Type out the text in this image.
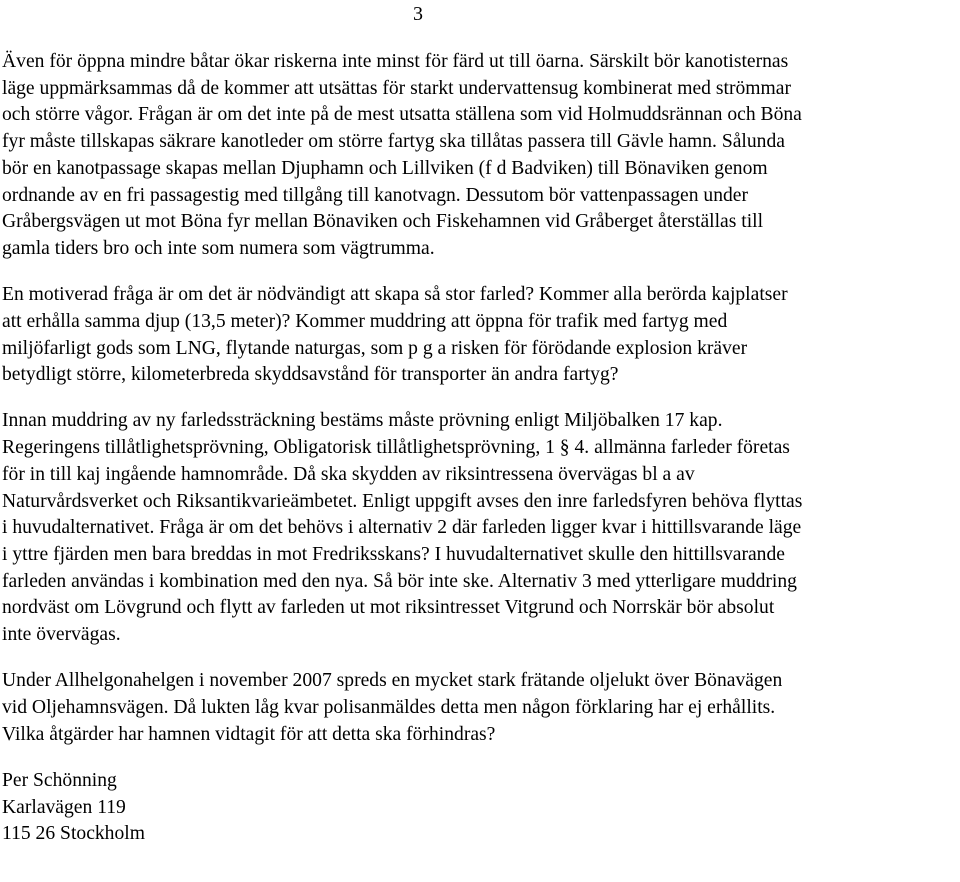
3

Även för öppna mindre båtar ökar riskerna inte minst för färd ut till öarna. Särskilt bör kanotisternas
läge uppmärksammas då de kommer att utsättas för starkt undervattensug kombinerat med strömmar
och större vågor. Frågan är om det inte på de mest utsatta ställena som vid Holmuddsrännan och Böna
fyr måste tillskapas säkrare kanotleder om större fartyg ska tillåtas passera till Gävle hamn. Sålunda
bör en kanotpassage skapas mellan Djuphamn och Lillviken (f d Badviken) till Bönaviken genom
ordnande av en fri passagestig med tillgång till kanotvagn. Dessutom bör vattenpassagen under
Gråbergsvägen ut mot Böna fyr mellan Bönaviken och Fiskehamnen vid Gråberget återställas till
gamla tiders bro och inte som numera som vägtrumma.

En motiverad fråga är om det är nödvändigt att skapa så stor farled? Kommer alla berörda kajplatser
att erhålla samma djup (13,5 meter)? Kommer muddring att öppna för trafik med fartyg med
miljöfarligt gods som LNG, flytande naturgas, som p g a risken för förödande explosion kräver
betydligt större, kilometerbreda skyddsavstånd för transporter än andra fartyg?

Innan muddring av ny farledssträckning bestäms måste prövning enligt Miljöbalken 17 kap.
Regeringens tillåtlighetsprövning, Obligatorisk tillåtlighetsprövning, 1 § 4. allmänna farleder företas
för in till kaj ingående hamnområde. Då ska skydden av riksintressena övervägas bl a av
Naturvårdsverket och Riksantikvarieämbetet. Enligt uppgift avses den inre farledsfyren behöva flyttas
i huvudalternativet. Fråga är om det behövs i alternativ 2 där farleden ligger kvar i hittillsvarande läge
i yttre fjärden men bara breddas in mot Fredriksskans? I huvudalternativet skulle den hittillsvarande
farleden användas i kombination med den nya. Så bör inte ske. Alternativ 3 med ytterligare muddring
nordväst om Lövgrund och flytt av farleden ut mot riksintresset Vitgrund och Norrskär bör absolut
inte övervägas.

Under Allhelgonahelgen i november 2007 spreds en mycket stark frätande oljelukt över Bönavägen
vid Oljehamnsvägen. Då lukten låg kvar polisanmäldes detta men någon förklaring har ej erhållits.
Vilka åtgärder har hamnen vidtagit för att detta ska förhindras?

Per Schönning
Karlavägen 119
115 26 Stockholm
